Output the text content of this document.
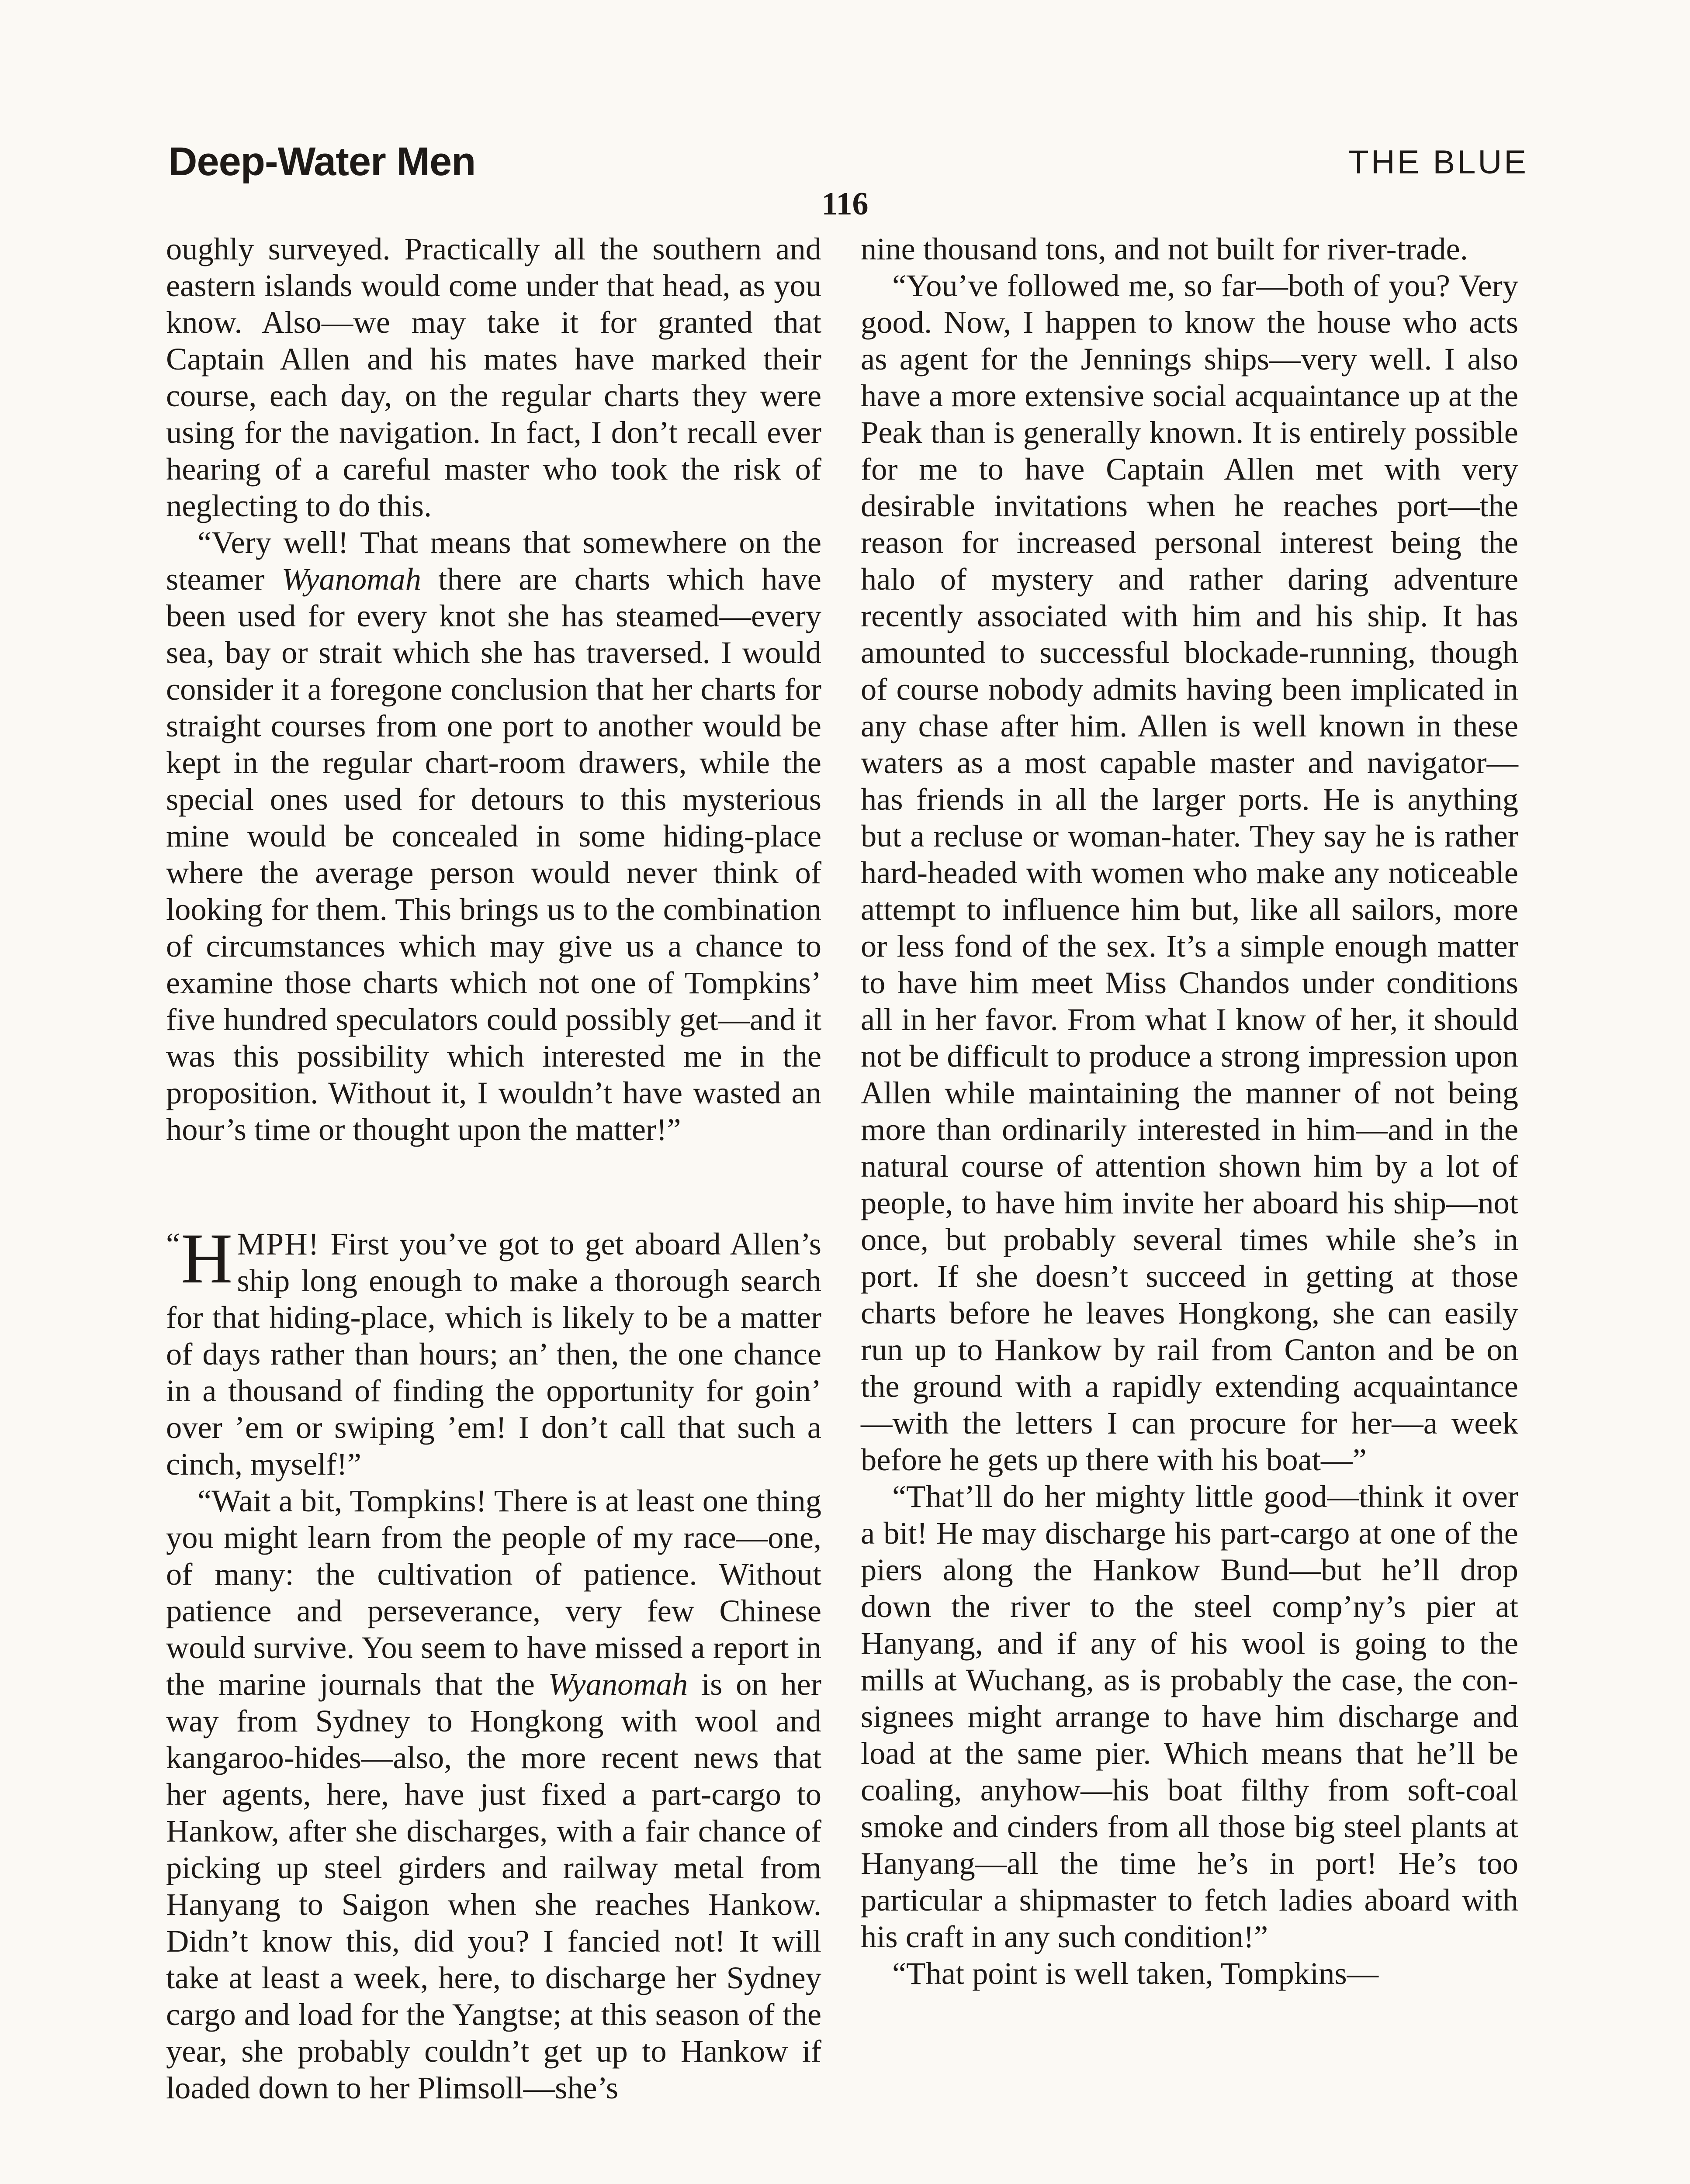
Deep-Water Men	THE BLUE
116

oughly surveyed. Practically all the southern and eastern islands would come under that head, as you know. Also—we may take it for granted that Captain Allen and his mates have marked their course, each day, on the regular charts they were using for the navigation. In fact, I don’t recall ever hearing of a careful master who took the risk of neglecting to do this.

“Very well! That means that somewhere on the steamer Wyanomah there are charts which have been used for every knot she has steamed—every sea, bay or strait which she has traversed. I would consider it a foregone conclusion that her charts for straight courses from one port to another would be kept in the regular chart-room drawers, while the special ones used for detours to this mysterious mine would be concealed in some hiding-place where the average person would never think of looking for them. This brings us to the combination of circumstances which may give us a chance to examine those charts which not one of Tompkins’ five hundred speculators could possibly get—and it was this possibility which interested me in the proposition. Without it, I wouldn’t have wasted an hour’s time or thought upon the matter!”

“ H MPH! First you’ve got to get aboard Allen’s ship long enough to make a thorough search for that hiding-place, which is likely to be a matter of days rather than hours; an’ then, the one chance in a thousand of finding the opportunity for goin’ over ’em or swiping ’em! I don’t call that such a cinch, myself!”

“Wait a bit, Tompkins! There is at least one thing you might learn from the people of my race—one, of many: the cultivation of patience. Without patience and perseverance, very few Chinese would survive. You seem to have missed a report in the marine journals that the Wyanomah is on her way from Sydney to Hongkong with wool and kangaroo-hides—also, the more recent news that her agents, here, have just fixed a part-cargo to Hankow, after she discharges, with a fair chance of picking up steel girders and railway metal from Hanyang to Saigon when she reaches Hankow. Didn’t know this, did you? I fancied not! It will take at least a week, here, to discharge her Sydney cargo and load for the Yangtse; at this season of the year, she probably couldn’t get up to Hankow if loaded down to her Plimsoll—she’s

nine thousand tons, and not built for river-trade.

“You’ve followed me, so far—both of you? Very good. Now, I happen to know the house who acts as agent for the Jennings ships—very well. I also have a more extensive social acquaintance up at the Peak than is generally known. It is entirely possible for me to have Captain Allen met with very desirable invitations when he reaches port—the reason for increased personal interest being the halo of mystery and rather daring adventure recently associated with him and his ship. It has amounted to successful blockade-running, though of course nobody admits having been implicated in any chase after him. Allen is well known in these waters as a most capable master and navigator—has friends in all the larger ports. He is anything but a recluse or woman-hater. They say he is rather hard-headed with women who make any noticeable attempt to influence him but, like all sailors, more or less fond of the sex. It’s a simple enough matter to have him meet Miss Chandos under conditions all in her favor. From what I know of her, it should not be difficult to produce a strong impression upon Allen while maintaining the manner of not being more than ordinarily interested in him—and in the natural course of attention shown him by a lot of people, to have him invite her aboard his ship—not once, but probably several times while she’s in port. If she doesn’t succeed in getting at those charts before he leaves Hongkong, she can easily run up to Hankow by rail from Canton and be on the ground with a rapidly extending acquaintance—with the letters I can procure for her—a week before he gets up there with his boat—”

“That’ll do her mighty little good—think it over a bit! He may discharge his part-cargo at one of the piers along the Hankow Bund—but he’ll drop down the river to the steel comp’ny’s pier at Hanyang, and if any of his wool is going to the mills at Wuchang, as is probably the case, the consignees might arrange to have him discharge and load at the same pier. Which means that he’ll be coaling, anyhow—his boat filthy from soft-coal smoke and cinders from all those big steel plants at Hanyang—all the time he’s in port! He’s too particular a shipmaster to fetch ladies aboard with his craft in any such condition!”

“That point is well taken, Tompkins—
